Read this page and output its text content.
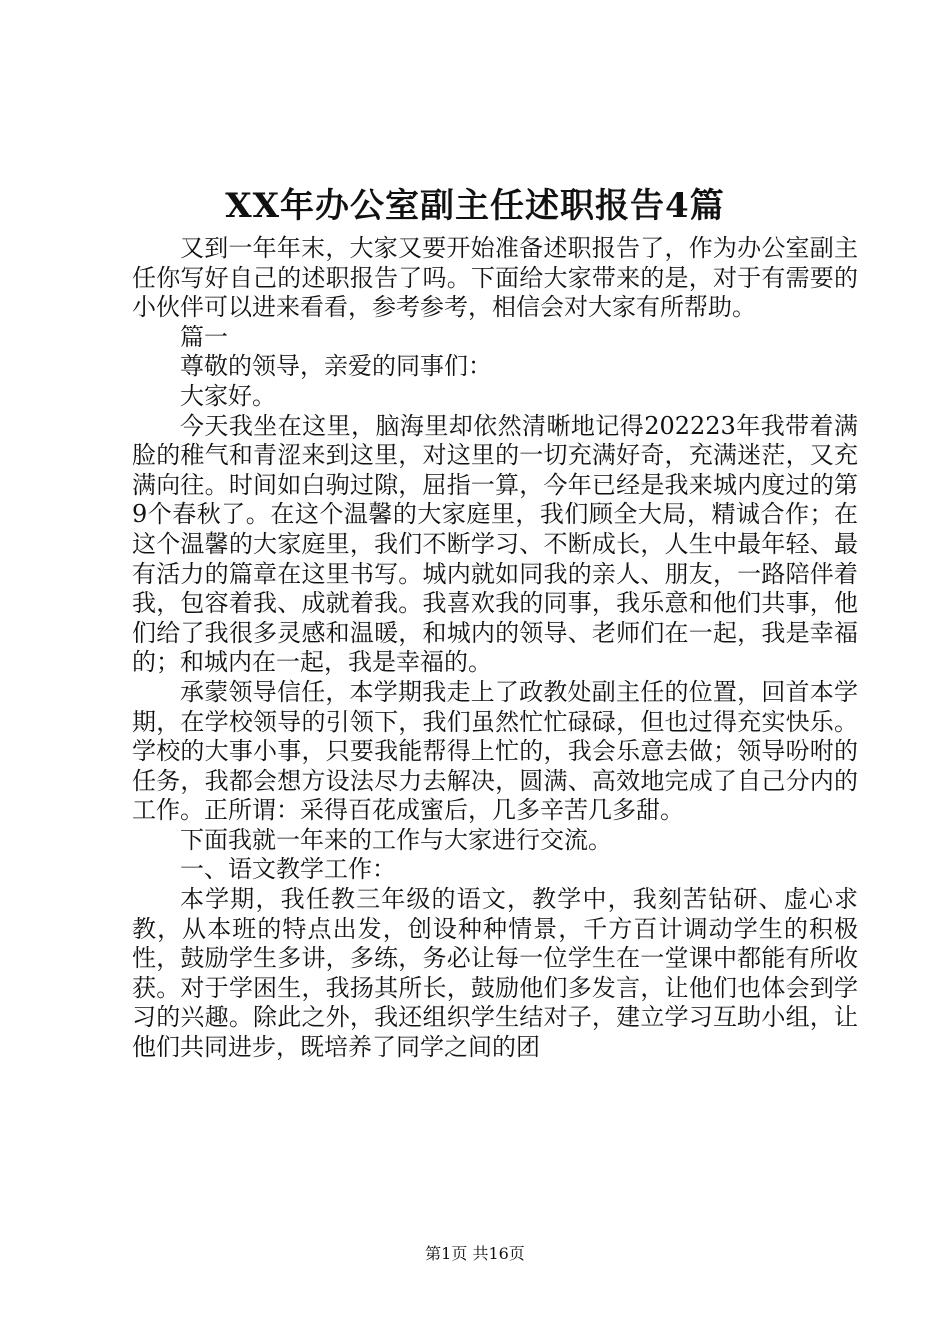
XX年办公室副主任述职报告4篇

又到一年年末，大家又要开始准备述职报告了，作为办公室副主任你写好自己的述职报告了吗。下面给大家带来的是，对于有需要的小伙伴可以进来看看，参考参考，相信会对大家有所帮助。

篇一

尊敬的领导，亲爱的同事们：

大家好。

今天我坐在这里，脑海里却依然清晰地记得202223年我带着满脸的稚气和青涩来到这里，对这里的一切充满好奇，充满迷茫，又充满向往。时间如白驹过隙，屈指一算，今年已经是我来城内度过的第9个春秋了。在这个温馨的大家庭里，我们顾全大局，精诚合作；在这个温馨的大家庭里，我们不断学习、不断成长，人生中最年轻、最有活力的篇章在这里书写。城内就如同我的亲人、朋友，一路陪伴着我，包容着我、成就着我。我喜欢我的同事，我乐意和他们共事，他们给了我很多灵感和温暖，和城内的领导、老师们在一起，我是幸福的；和城内在一起，我是幸福的。

承蒙领导信任，本学期我走上了政教处副主任的位置，回首本学期，在学校领导的引领下，我们虽然忙忙碌碌，但也过得充实快乐。学校的大事小事，只要我能帮得上忙的，我会乐意去做；领导吩咐的任务，我都会想方设法尽力去解决，圆满、高效地完成了自己分内的工作。正所谓：采得百花成蜜后，几多辛苦几多甜。

下面我就一年来的工作与大家进行交流。

一、语文教学工作：

本学期，我任教三年级的语文，教学中，我刻苦钻研、虚心求教，从本班的特点出发，创设种种情景，千方百计调动学生的积极性，鼓励学生多讲，多练，务必让每一位学生在一堂课中都能有所收获。对于学困生，我扬其所长，鼓励他们多发言，让他们也体会到学习的兴趣。除此之外，我还组织学生结对子，建立学习互助小组，让他们共同进步，既培养了同学之间的团

第1页 共16页
